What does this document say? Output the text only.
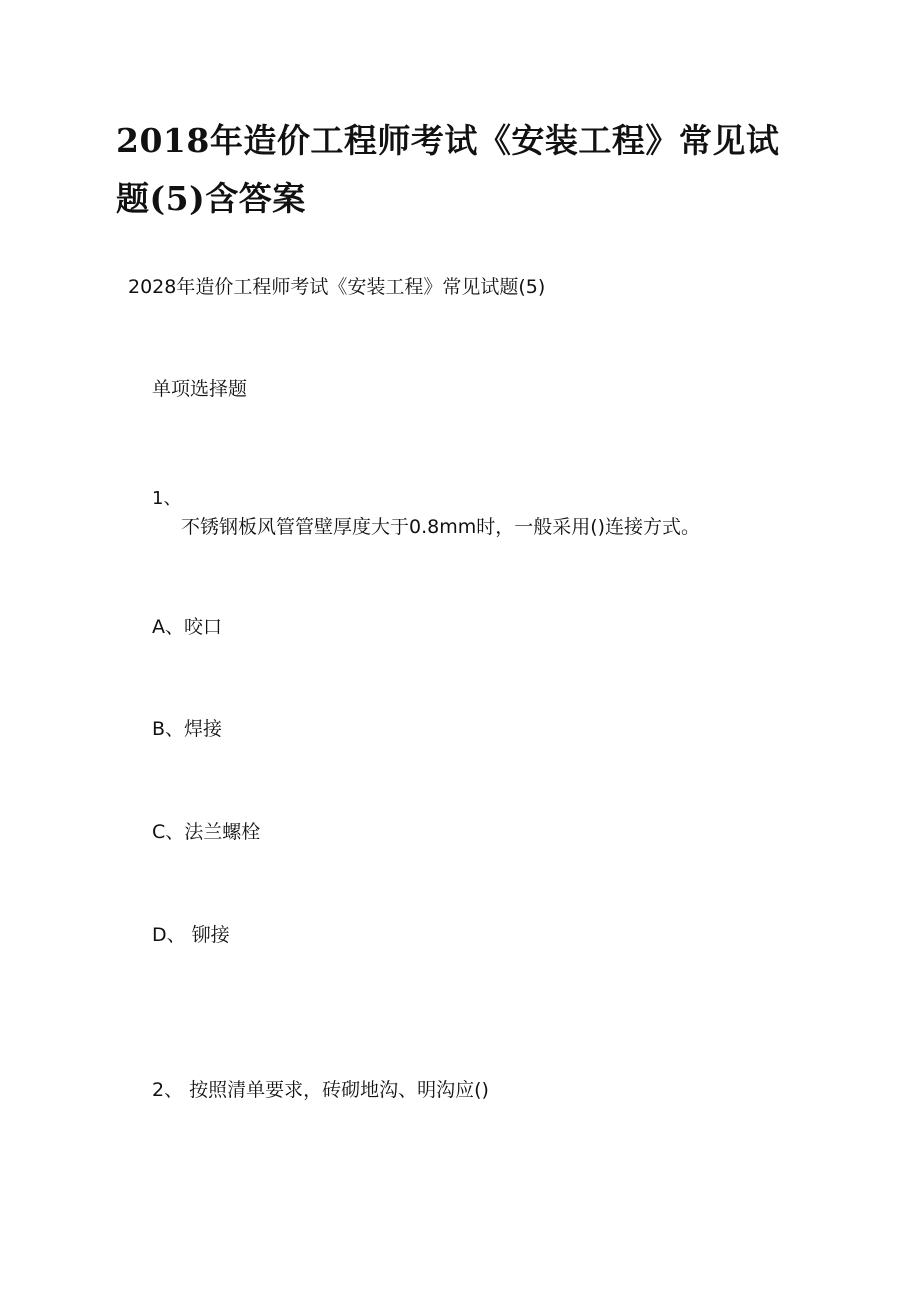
2018年造价工程师考试《安装工程》常见试题(5)含答案
2028年造价工程师考试《安装工程》常见试题(5)
单项选择题
1、
不锈钢板风管管壁厚度大于0.8mm时，一般采用()连接方式。
A、咬口
B、焊接
C、法兰螺栓
D、 铆接
2、 按照清单要求，砖砌地沟、明沟应()
